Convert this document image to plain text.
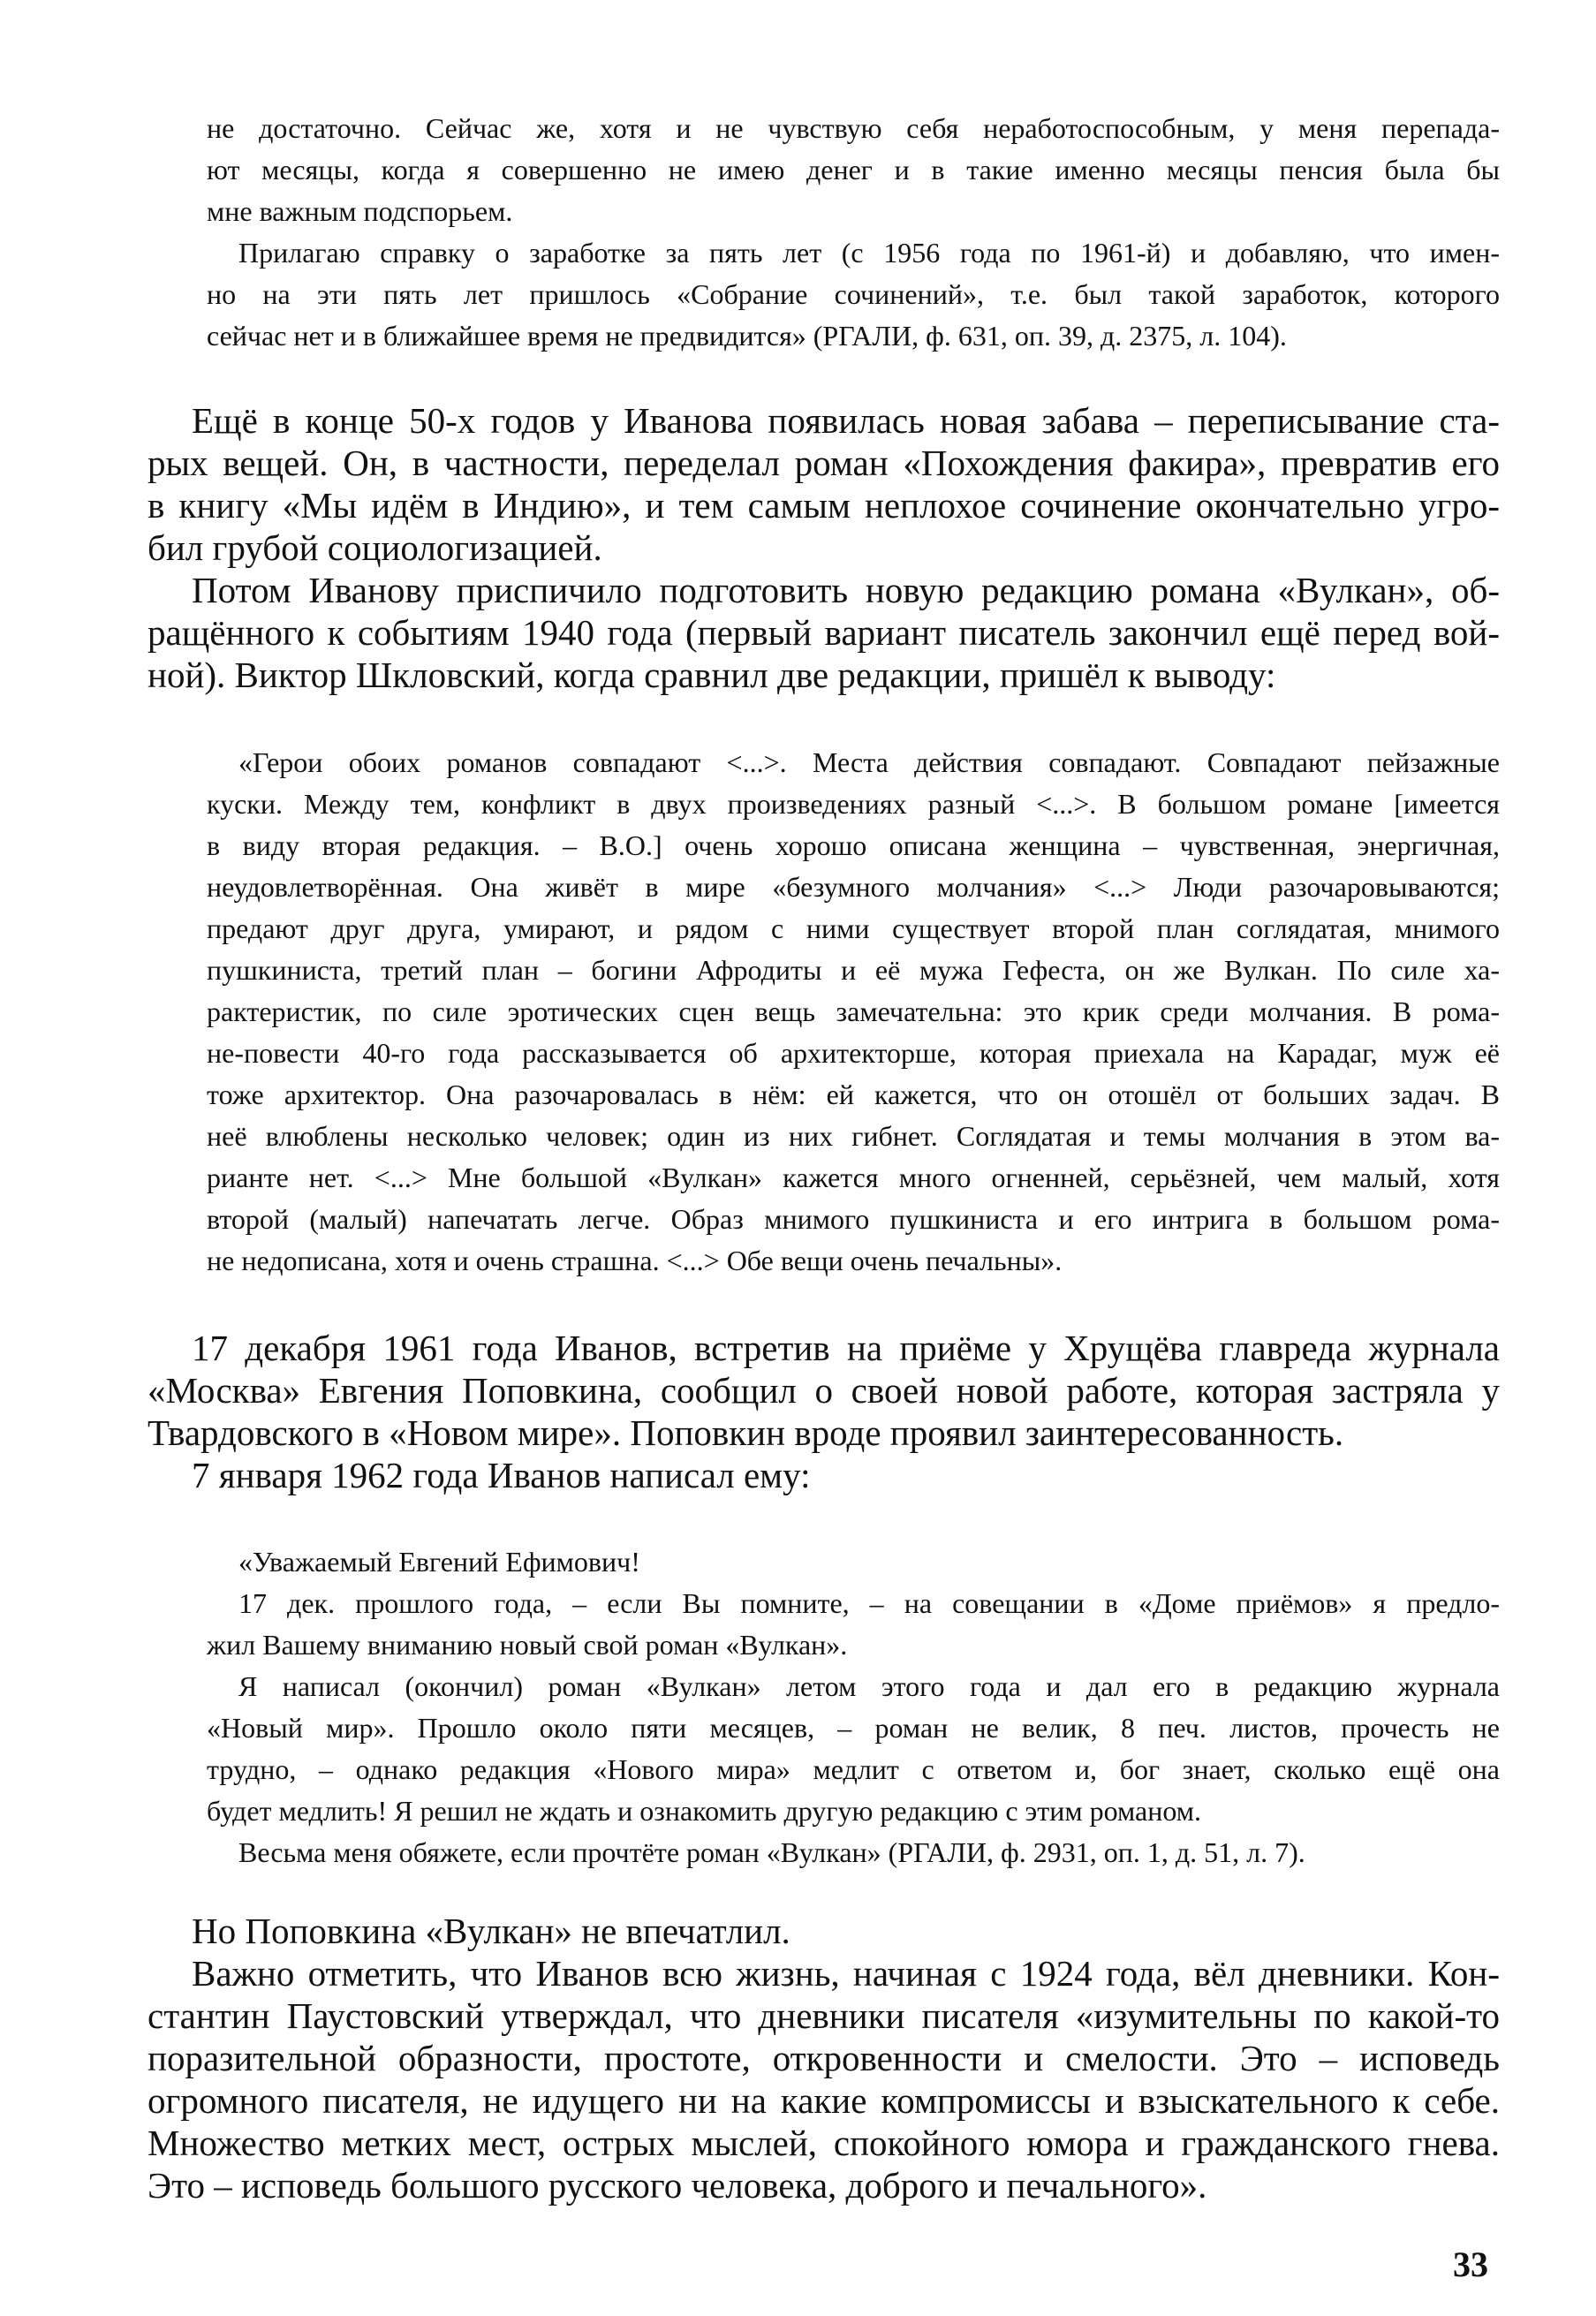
не достаточно. Сейчас же, хотя и не чувствую себя неработоспособным, у меня перепада-
ют месяцы, когда я совершенно не имею денег и в такие именно месяцы пенсия была бы
мне важным подспорьем.
Прилагаю справку о заработке за пять лет (с 1956 года по 1961-й) и добавляю, что имен-
но на эти пять лет пришлось «Собрание сочинений», т.е. был такой заработок, которого
сейчас нет и в ближайшее время не предвидится» (РГАЛИ, ф. 631, оп. 39, д. 2375, л. 104).
Ещё в конце 50-х годов у Иванова появилась новая забава – переписывание ста-
рых вещей. Он, в частности, переделал роман «Похождения факира», превратив его
в книгу «Мы идём в Индию», и тем самым неплохое сочинение окончательно угро-
бил грубой социологизацией.
Потом Иванову приспичило подготовить новую редакцию романа «Вулкан», об-
ращённого к событиям 1940 года (первый вариант писатель закончил ещё перед вой-
ной). Виктор Шкловский, когда сравнил две редакции, пришёл к выводу:
«Герои обоих романов совпадают <...>. Места действия совпадают. Совпадают пейзажные
куски. Между тем, конфликт в двух произведениях разный <...>. В большом романе [имеется
в виду вторая редакция. – В.О.] очень хорошо описана женщина – чувственная, энергичная,
неудовлетворённая. Она живёт в мире «безумного молчания» <...> Люди разочаровываются;
предают друг друга, умирают, и рядом с ними существует второй план соглядатая, мнимого
пушкиниста, третий план – богини Афродиты и её мужа Гефеста, он же Вулкан. По силе ха-
рактеристик, по силе эротических сцен вещь замечательна: это крик среди молчания. В рома-
не-повести 40-го года рассказывается об архитекторше, которая приехала на Карадаг, муж её
тоже архитектор. Она разочаровалась в нём: ей кажется, что он отошёл от больших задач. В
неё влюблены несколько человек; один из них гибнет. Соглядатая и темы молчания в этом ва-
рианте нет. <...> Мне большой «Вулкан» кажется много огненней, серьёзней, чем малый, хотя
второй (малый) напечатать легче. Образ мнимого пушкиниста и его интрига в большом рома-
не недописана, хотя и очень страшна. <...> Обе вещи очень печальны».
17 декабря 1961 года Иванов, встретив на приёме у Хрущёва главреда журнала
«Москва» Евгения Поповкина, сообщил о своей новой работе, которая застряла у
Твардовского в «Новом мире». Поповкин вроде проявил заинтересованность.
7 января 1962 года Иванов написал ему:
«Уважаемый Евгений Ефимович!
17 дек. прошлого года, – если Вы помните, – на совещании в «Доме приёмов» я предло-
жил Вашему вниманию новый свой роман «Вулкан».
Я написал (окончил) роман «Вулкан» летом этого года и дал его в редакцию журнала
«Новый мир». Прошло около пяти месяцев, – роман не велик, 8 печ. листов, прочесть не
трудно, – однако редакция «Нового мира» медлит с ответом и, бог знает, сколько ещё она
будет медлить! Я решил не ждать и ознакомить другую редакцию с этим романом.
Весьма меня обяжете, если прочтёте роман «Вулкан» (РГАЛИ, ф. 2931, оп. 1, д. 51, л. 7).
Но Поповкина «Вулкан» не впечатлил.
Важно отметить, что Иванов всю жизнь, начиная с 1924 года, вёл дневники. Кон-
стантин Паустовский утверждал, что дневники писателя «изумительны по какой-то
поразительной образности, простоте, откровенности и смелости. Это – исповедь
огромного писателя, не идущего ни на какие компромиссы и взыскательного к себе.
Множество метких мест, острых мыслей, спокойного юмора и гражданского гнева.
Это – исповедь большого русского человека, доброго и печального».
33
